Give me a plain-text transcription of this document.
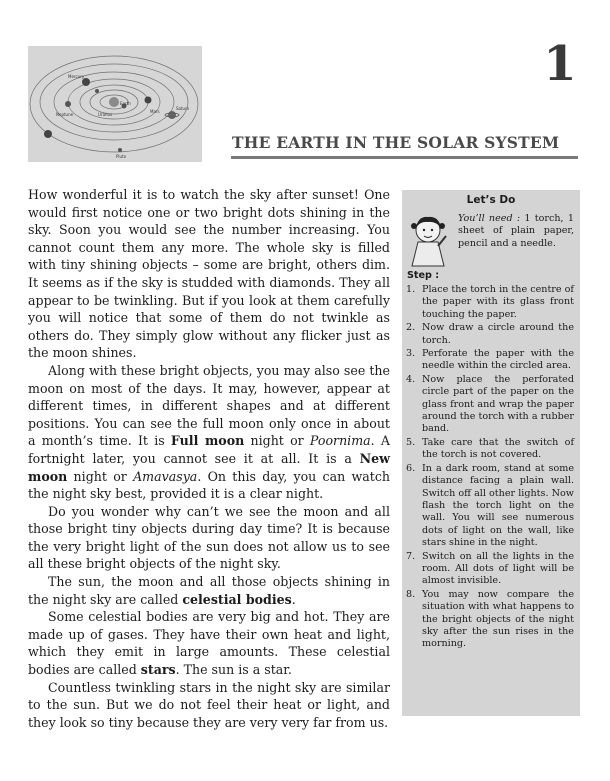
Mercury
Earth
Mars
Saturn
Neptune	Uranus
Pluto
1
THE EARTH IN THE SOLAR SYSTEM

How wonderful it is to watch the sky after sunset! One would first notice one or two bright dots shining in the sky. Soon you would see the number increasing. You cannot count them any more. The whole sky is filled with tiny shining objects – some are bright, others dim. It seems as if the sky is studded with diamonds. They all appear to be twinkling. But if you look at them carefully you will notice that some of them do not twinkle as others do. They simply glow without any flicker just as the moon shines.

Along with these bright objects, you may also see the moon on most of the days. It may, however, appear at different times, in different shapes and at different positions. You can see the full moon only once in about a month’s time. It is Full moon night or Poornima. A fortnight later, you cannot see it at all. It is a New moon night or Amavasya. On this day, you can watch the night sky best, provided it is a clear night.

Do you wonder why can’t we see the moon and all those bright tiny objects during day time? It is because the very bright light of the sun does not allow us to see all these bright objects of the night sky.

The sun, the moon and all those objects shining in the night sky are called celestial bodies.

Some celestial bodies are very big and hot. They are made up of gases. They have their own heat and light, which they emit in large amounts. These celestial bodies are called stars. The sun is a star.

Countless twinkling stars in the night sky are similar to the sun. But we do not feel their heat or light, and they look so tiny because they are very very far from us.

Let’s Do
You’ll need : 1 torch, 1 sheet of plain paper, pencil and a needle.
Step :
1. Place the torch in the centre of the paper with its glass front touching the paper.
2. Now draw a circle around the torch.
3. Perforate the paper with the needle within the circled area.
4. Now place the perforated circle part of the paper on the glass front and wrap the paper around the torch with a rubber band.
5. Take care that the switch of the torch is not covered.
6. In a dark room, stand at some distance facing a plain wall. Switch off all other lights. Now flash the torch light on the wall. You will see numerous dots of light on the wall, like stars shine in the night.
7. Switch on all the lights in the room. All dots of light will be almost invisible.
8. You may now compare the situation with what happens to the bright objects of the night sky after the sun rises in the morning.
